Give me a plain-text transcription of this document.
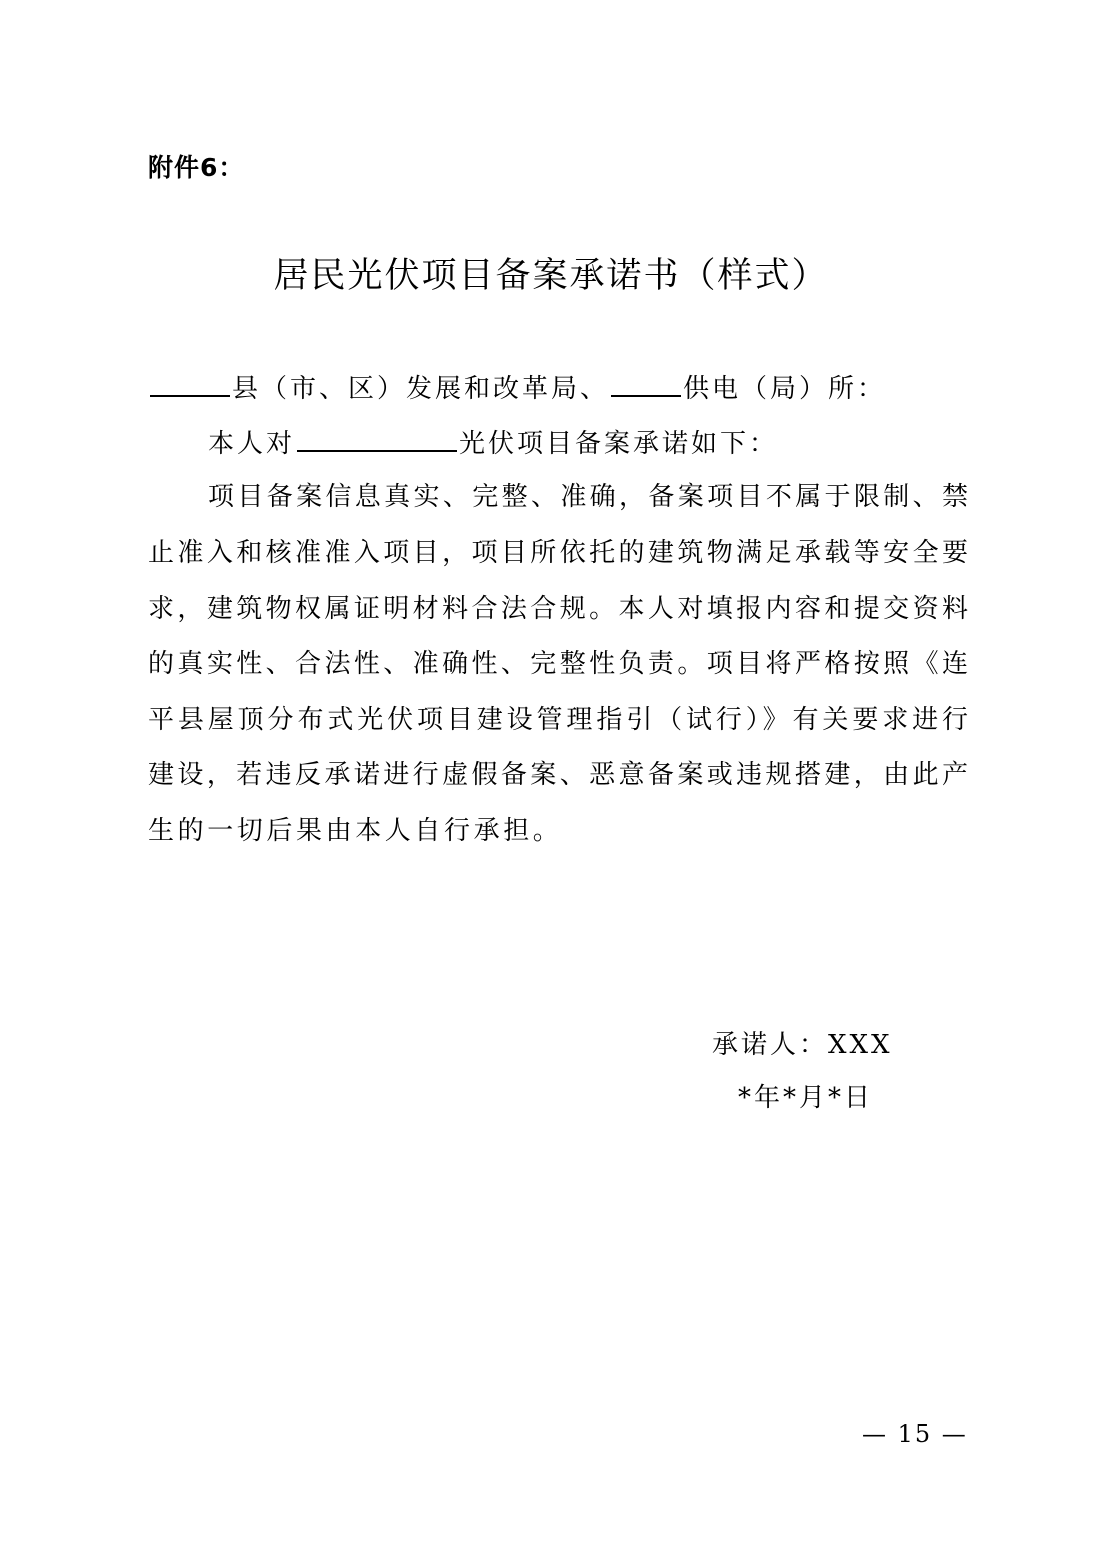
附件6：
居民光伏项目备案承诺书（样式）
县（市、区）发展和改革局、	供电（局）所：
本人对	光伏项目备案承诺如下：
项目备案信息真实、完整、准确，备案项目不属于限制、禁
止准入和核准准入项目，项目所依托的建筑物满足承载等安全要
求，建筑物权属证明材料合法合规。本人对填报内容和提交资料
的真实性、合法性、准确性、完整性负责。项目将严格按照《连
平县屋顶分布式光伏项目建设管理指引（试行）》有关要求进行
建设，若违反承诺进行虚假备案、恶意备案或违规搭建，由此产
生的一切后果由本人自行承担。
承诺人：XXX
*年*月*日
— 15 —
